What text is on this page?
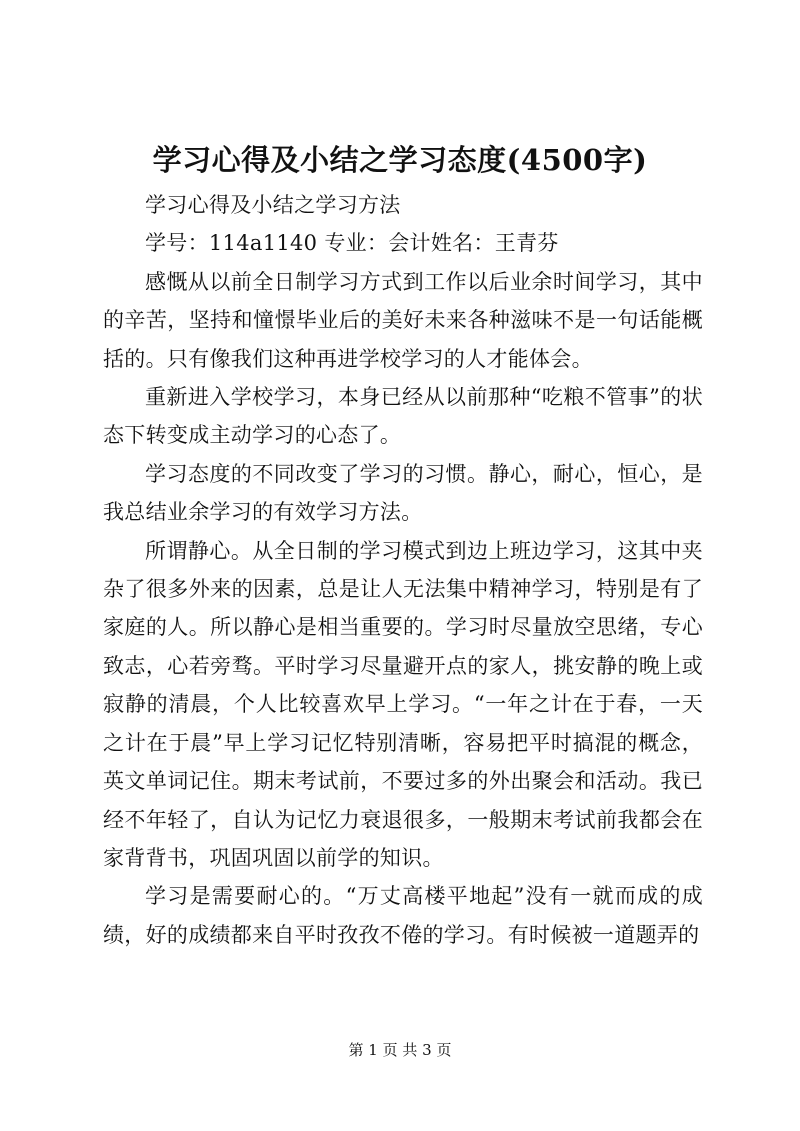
学习心得及小结之学习态度(4500字)

学习心得及小结之学习方法

学号：114a1140 专业：会计姓名：王青芬

感慨从以前全日制学习方式到工作以后业余时间学习，其中的辛苦，坚持和憧憬毕业后的美好未来各种滋味不是一句话能概括的。只有像我们这种再进学校学习的人才能体会。

重新进入学校学习，本身已经从以前那种“吃粮不管事”的状态下转变成主动学习的心态了。

学习态度的不同改变了学习的习惯。静心，耐心，恒心，是我总结业余学习的有效学习方法。

所谓静心。从全日制的学习模式到边上班边学习，这其中夹杂了很多外来的因素，总是让人无法集中精神学习，特别是有了家庭的人。所以静心是相当重要的。学习时尽量放空思绪，专心致志，心若旁骛。平时学习尽量避开点的家人，挑安静的晚上或寂静的清晨，个人比较喜欢早上学习。“一年之计在于春，一天之计在于晨”早上学习记忆特别清晰，容易把平时搞混的概念，英文单词记住。期末考试前，不要过多的外出聚会和活动。我已经不年轻了，自认为记忆力衰退很多，一般期末考试前我都会在家背背书，巩固巩固以前学的知识。

学习是需要耐心的。“万丈高楼平地起”没有一就而成的成绩，好的成绩都来自平时孜孜不倦的学习。有时候被一道题弄的

第 1 页 共 3 页
